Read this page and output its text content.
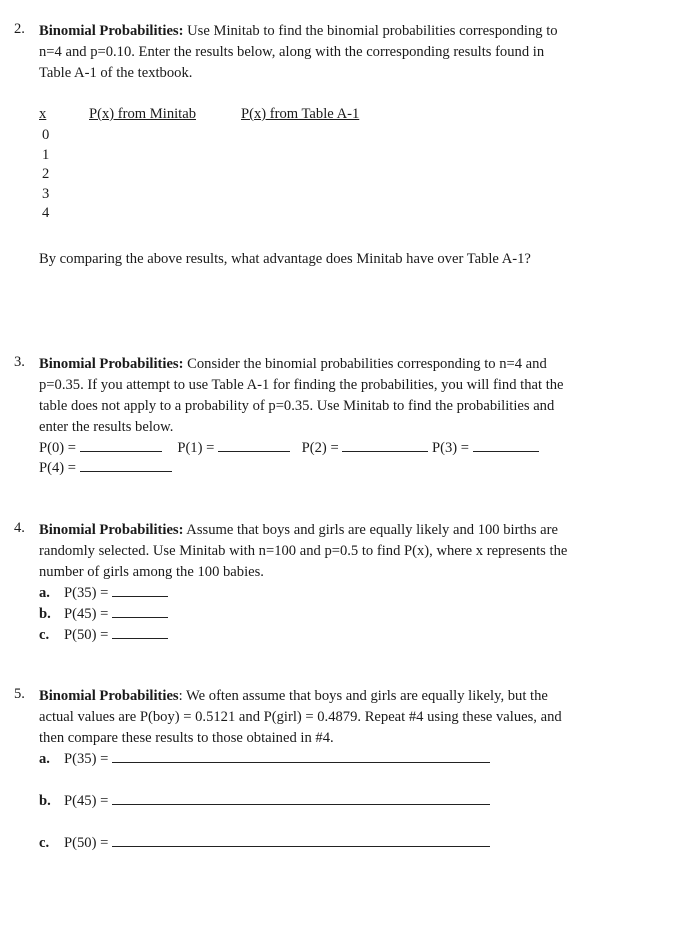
2. Binomial Probabilities: Use Minitab to find the binomial probabilities corresponding to
n=4 and p=0.10. Enter the results below, along with the corresponding results found in
Table A-1 of the textbook.
x	P(x) from Minitab	P(x) from Table A-1
0
1
2
3
4
By comparing the above results, what advantage does Minitab have over Table A-1?
3. Binomial Probabilities: Consider the binomial probabilities corresponding to n=4 and
p=0.35. If you attempt to use Table A-1 for finding the probabilities, you will find that the
table does not apply to a probability of p=0.35. Use Minitab to find the probabilities and
enter the results below.
P(0) =	P(1) =	P(2) =	P(3) =
P(4) =
4. Binomial Probabilities: Assume that boys and girls are equally likely and 100 births are
randomly selected. Use Minitab with n=100 and p=0.5 to find P(x), where x represents the
number of girls among the 100 babies.
a. P(35) =
b. P(45) =
c. P(50) =
5. Binomial Probabilities: We often assume that boys and girls are equally likely, but the
actual values are P(boy) = 0.5121 and P(girl) = 0.4879. Repeat #4 using these values, and
then compare these results to those obtained in #4.
a. P(35) =
b. P(45) =
c. P(50) =
